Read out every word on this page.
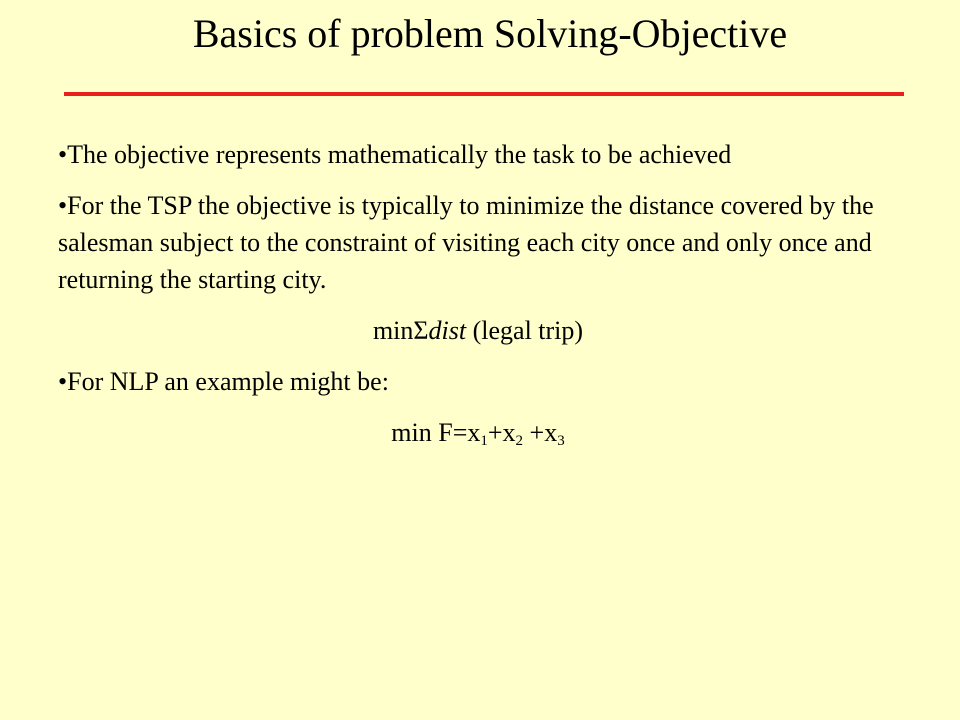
Basics of problem Solving-Objective

•The objective represents mathematically the task to be achieved

•For the TSP the objective is typically to minimize the distance covered by the salesman subject to the constraint of visiting each city once and only once and returning the starting city.

minΣdist (legal trip)

•For NLP an example might be:

$\min F=x_1+x_2 +x_3$
